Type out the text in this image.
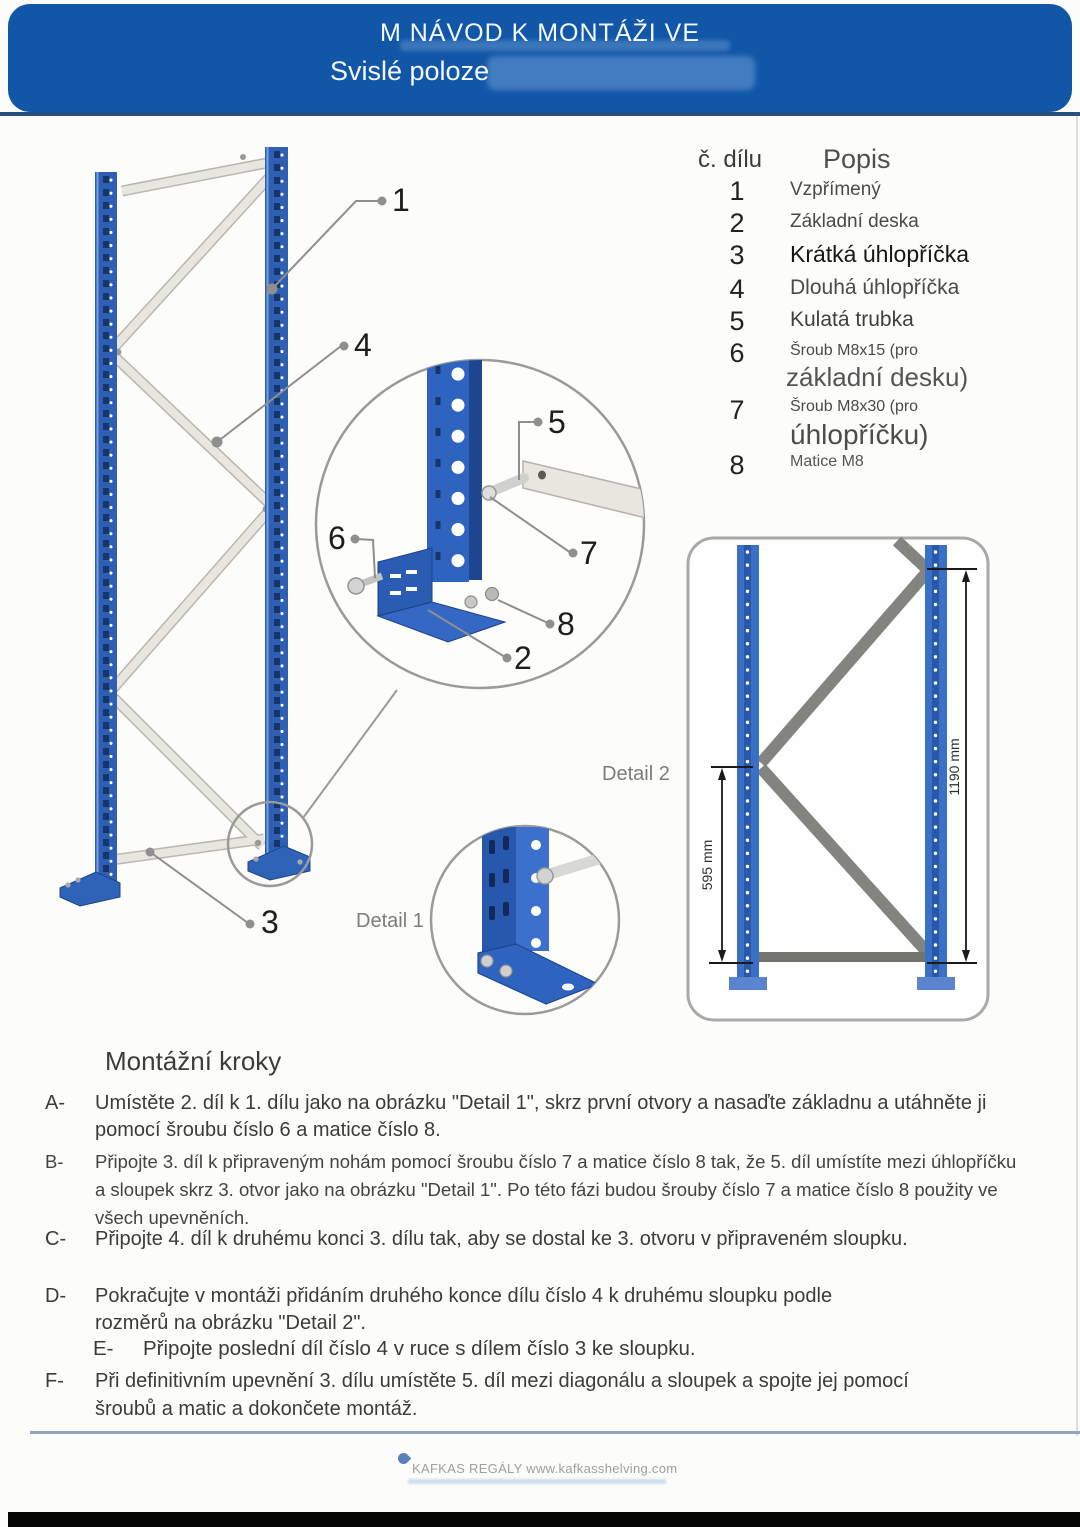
M NÁVOD K MONTÁŽI VE
Svislé poloze
1
4
3
5
6	7
8
2
Detail 2
Detail 1
595 mm
1190 mm
č. dílu Popis
1	Vzpřímený
2	Základní deska
3	Krátká úhlopříčka
4	Dlouhá úhlopříčka
5	Kulatá trubka
6	Šroub M8x15 (pro
základní desku)
7	Šroub M8x30 (pro
úhlopříčku)
8	Matice M8
Montážní kroky
A- Umístěte 2. díl k 1. dílu jako na obrázku "Detail 1", skrz první otvory a nasaďte základnu a utáhněte ji pomocí šroubu číslo 6 a matice číslo 8.
B- Připojte 3. díl k připraveným nohám pomocí šroubu číslo 7 a matice číslo 8 tak, že 5. díl umístíte mezi úhlopříčku a sloupek skrz 3. otvor jako na obrázku "Detail 1". Po této fázi budou šrouby číslo 7 a matice číslo 8 použity ve všech upevněních.
C- Připojte 4. díl k druhému konci 3. dílu tak, aby se dostal ke 3. otvoru v připraveném sloupku.
D- Pokračujte v montáži přidáním druhého konce dílu číslo 4 k druhému sloupku podle rozměrů na obrázku "Detail 2".
E- Připojte poslední díl číslo 4 v ruce s dílem číslo 3 ke sloupku.
F- Při definitivním upevnění 3. dílu umístěte 5. díl mezi diagonálu a sloupek a spojte jej pomocí šroubů a matic a dokončete montáž.
KAFKAS REGÁLY www.kafkasshelving.com
